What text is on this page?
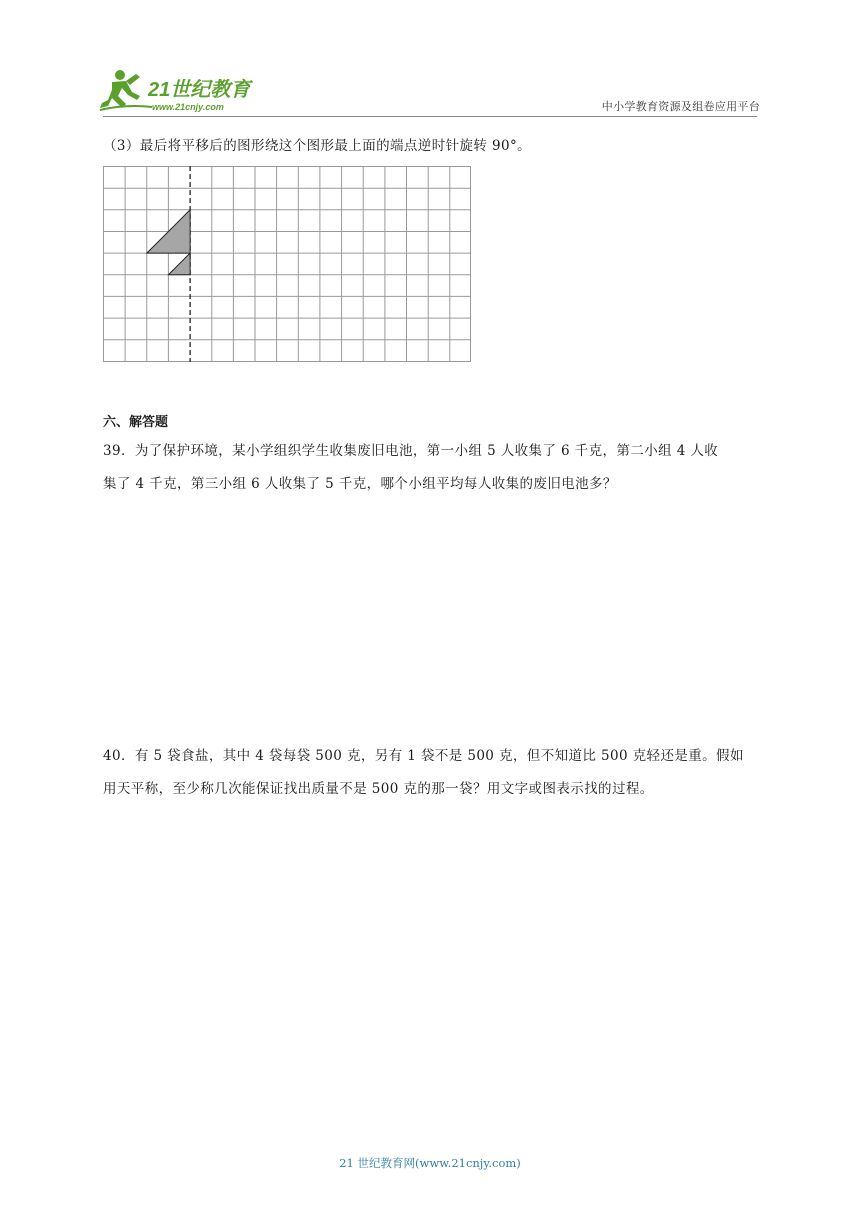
21世纪教育
www.21cnjy.com	中小学教育资源及组卷应用平台
（3）最后将平移后的图形绕这个图形最上面的端点逆时针旋转 90°。
六、解答题
39．为了保护环境，某小学组织学生收集废旧电池，第一小组 5 人收集了 6 千克，第二小组 4 人收
集了 4 千克，第三小组 6 人收集了 5 千克，哪个小组平均每人收集的废旧电池多？
40．有 5 袋食盐，其中 4 袋每袋 500 克，另有 1 袋不是 500 克，但不知道比 500 克轻还是重。假如
用天平称，至少称几次能保证找出质量不是 500 克的那一袋？用文字或图表示找的过程。
21 世纪教育网(www.21cnjy.com)
